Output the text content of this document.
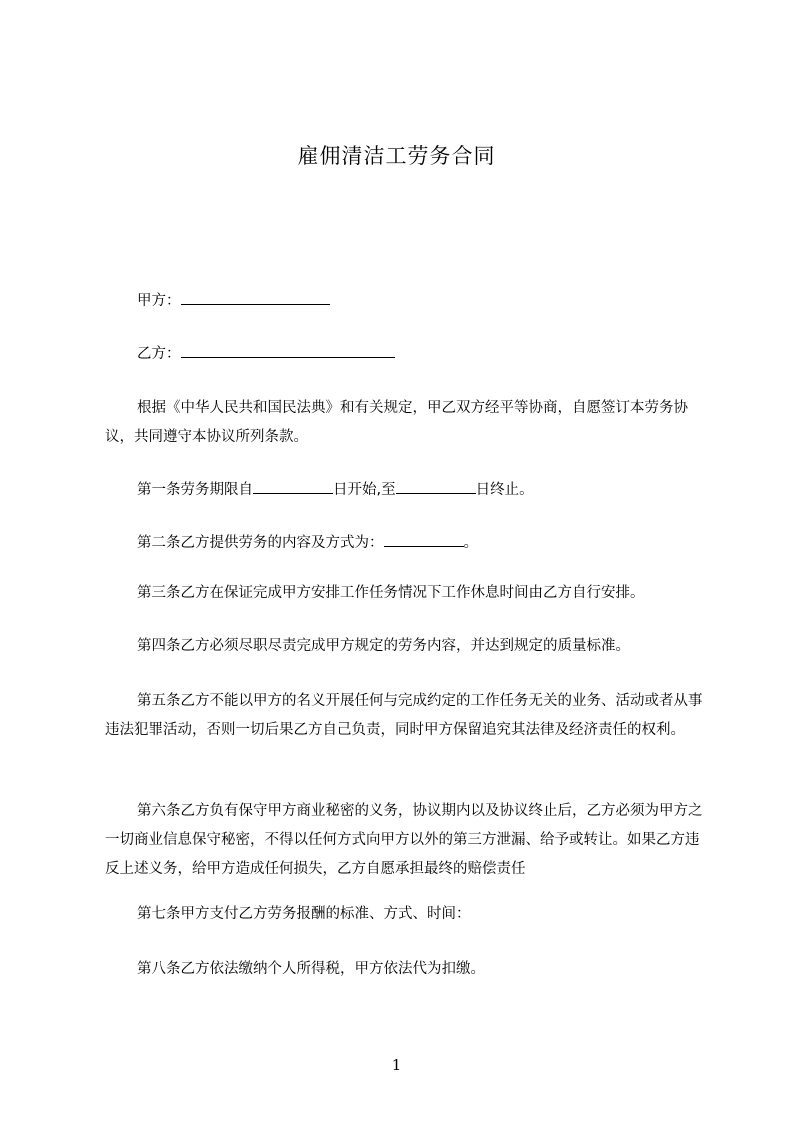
雇佣清洁工劳务合同
甲方：
乙方：
根据《中华人民共和国民法典》和有关规定，甲乙双方经平等协商，自愿签订本劳务协议，共同遵守本协议所列条款。
第一条劳务期限自	日开始,至	日终止。
第二条乙方提供劳务的内容及方式为：	。
第三条乙方在保证完成甲方安排工作任务情况下工作休息时间由乙方自行安排。
第四条乙方必须尽职尽责完成甲方规定的劳务内容，并达到规定的质量标准。
第五条乙方不能以甲方的名义开展任何与完成约定的工作任务无关的业务、活动或者从事违法犯罪活动，否则一切后果乙方自己负责，同时甲方保留追究其法律及经济责任的权利。
第六条乙方负有保守甲方商业秘密的义务，协议期内以及协议终止后，乙方必须为甲方之一切商业信息保守秘密，不得以任何方式向甲方以外的第三方泄漏、给予或转让。如果乙方违反上述义务，给甲方造成任何损失，乙方自愿承担最终的赔偿责任
第七条甲方支付乙方劳务报酬的标准、方式、时间：
第八条乙方依法缴纳个人所得税，甲方依法代为扣缴。
1
